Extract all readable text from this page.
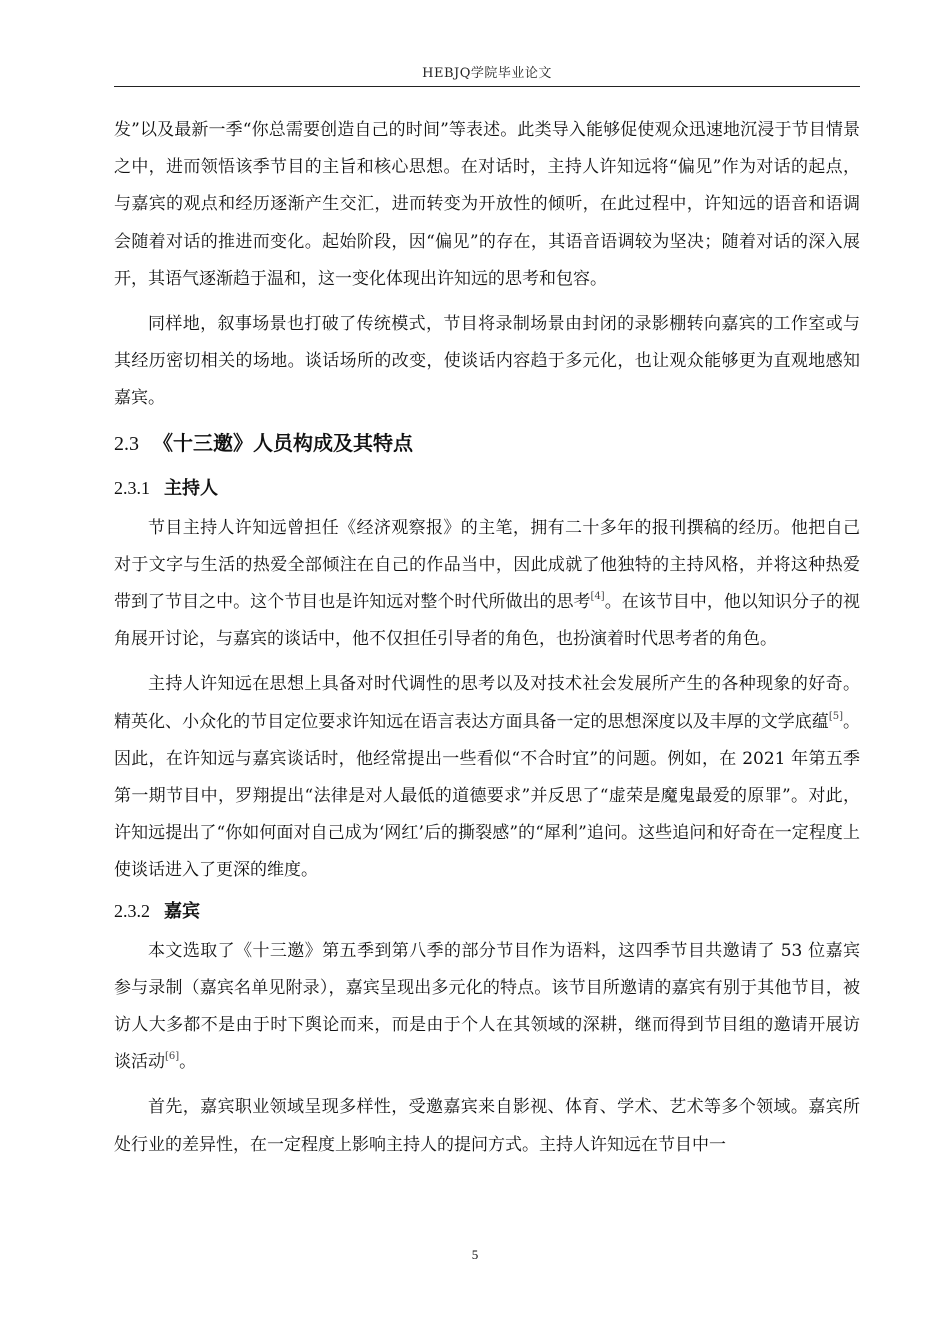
HEBJQ学院毕业论文

发”以及最新一季“你总需要创造自己的时间”等表述。此类导入能够促使观众迅速地沉浸于节目情景之中，进而领悟该季节目的主旨和核心思想。在对话时，主持人许知远将“偏见”作为对话的起点，与嘉宾的观点和经历逐渐产生交汇，进而转变为开放性的倾听，在此过程中，许知远的语音和语调会随着对话的推进而变化。起始阶段，因“偏见”的存在，其语音语调较为坚决；随着对话的深入展开，其语气逐渐趋于温和，这一变化体现出许知远的思考和包容。

同样地，叙事场景也打破了传统模式，节目将录制场景由封闭的录影棚转向嘉宾的工作室或与其经历密切相关的场地。谈话场所的改变，使谈话内容趋于多元化，也让观众能够更为直观地感知嘉宾。

2.3 《十三邀》人员构成及其特点
2.3.1 主持人

节目主持人许知远曾担任《经济观察报》的主笔，拥有二十多年的报刊撰稿的经历。他把自己对于文字与生活的热爱全部倾注在自己的作品当中，因此成就了他独特的主持风格，并将这种热爱带到了节目之中。这个节目也是许知远对整个时代所做出的思考[4]。在该节目中，他以知识分子的视角展开讨论，与嘉宾的谈话中，他不仅担任引导者的角色，也扮演着时代思考者的角色。

主持人许知远在思想上具备对时代调性的思考以及对技术社会发展所产生的各种现象的好奇。精英化、小众化的节目定位要求许知远在语言表达方面具备一定的思想深度以及丰厚的文学底蕴[5]。因此，在许知远与嘉宾谈话时，他经常提出一些看似“不合时宜”的问题。例如，在 2021 年第五季第一期节目中，罗翔提出“法律是对人最低的道德要求”并反思了“虚荣是魔鬼最爱的原罪”。对此，许知远提出了“你如何面对自己成为‘网红’后的撕裂感”的“犀利”追问。这些追问和好奇在一定程度上使谈话进入了更深的维度。

2.3.2 嘉宾

本文选取了《十三邀》第五季到第八季的部分节目作为语料，这四季节目共邀请了 53 位嘉宾参与录制（嘉宾名单见附录），嘉宾呈现出多元化的特点。该节目所邀请的嘉宾有别于其他节目，被访人大多都不是由于时下舆论而来，而是由于个人在其领域的深耕，继而得到节目组的邀请开展访谈活动[6]。

首先，嘉宾职业领域呈现多样性，受邀嘉宾来自影视、体育、学术、艺术等多个领域。嘉宾所处行业的差异性，在一定程度上影响主持人的提问方式。主持人许知远在节目中一

5
